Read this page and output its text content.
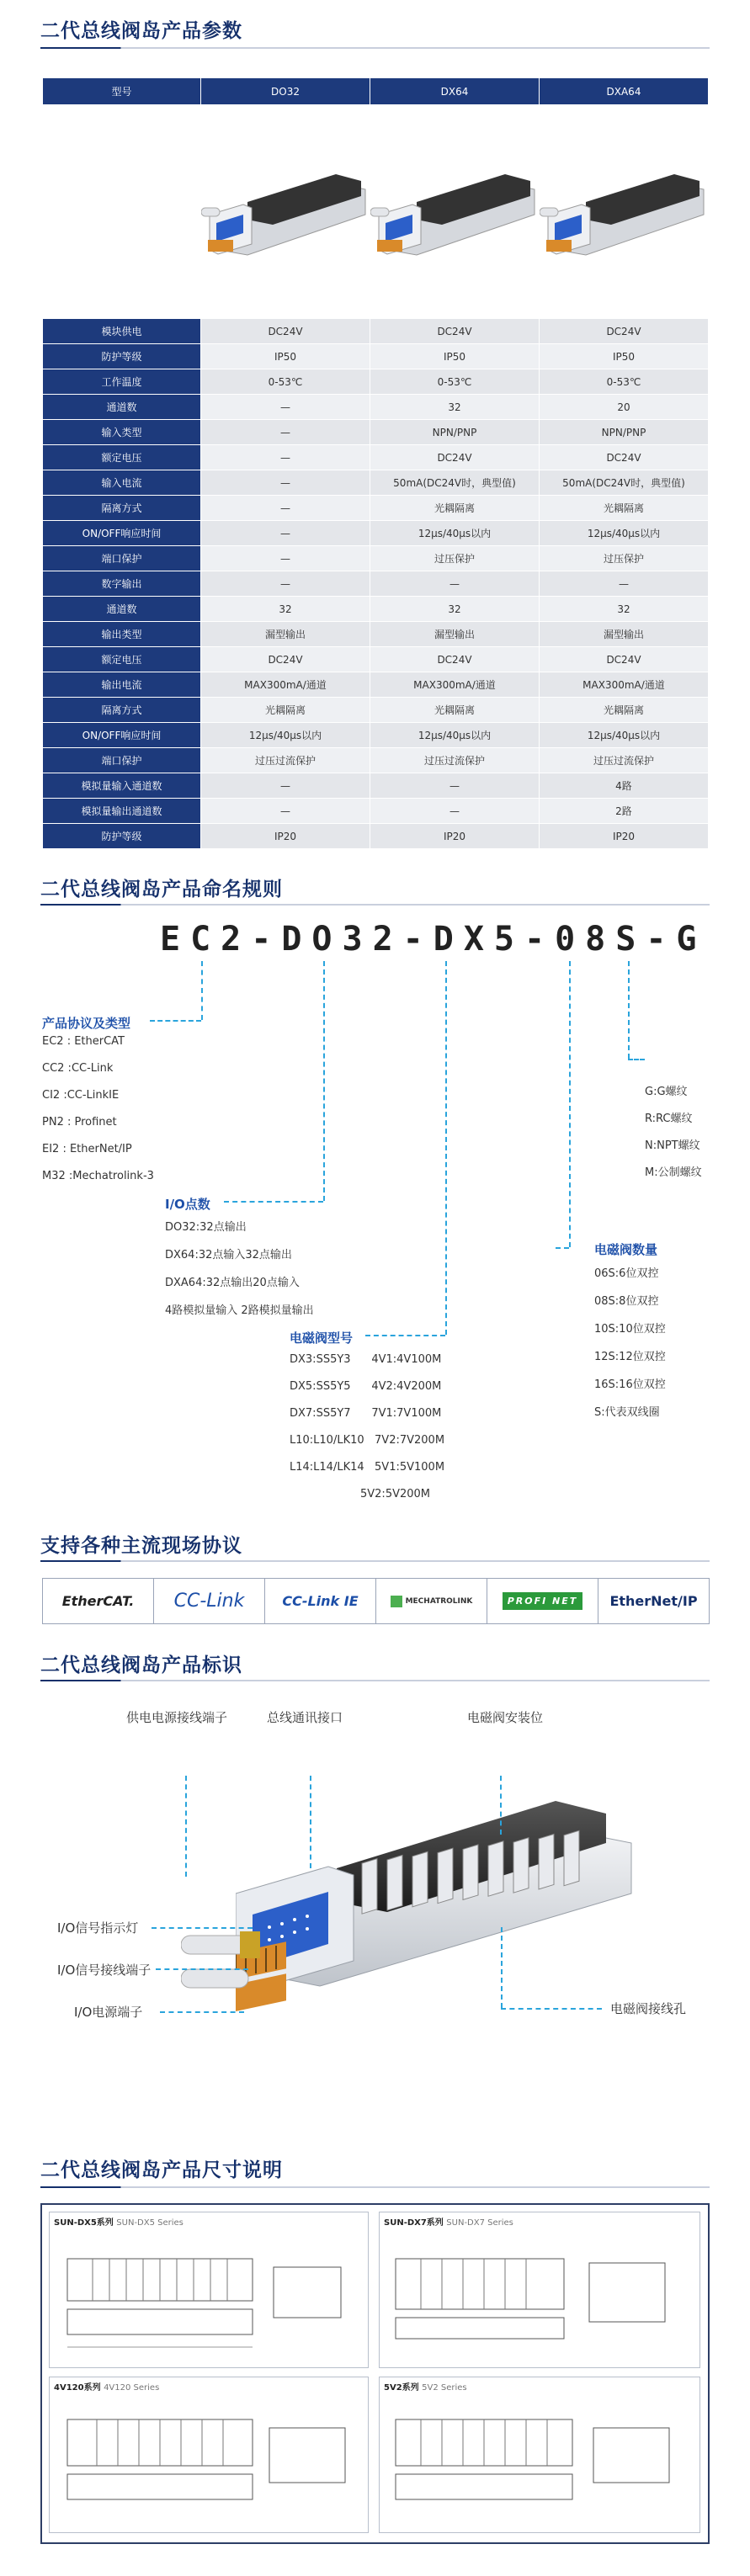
二代总线阀岛产品参数
型号	DO32	DX64	DXA64

模块供电	DC24V	DC24V	DC24V
防护等级	IP50	IP50	IP50
工作温度	0-53℃	0-53℃	0-53℃
通道数	—	32	20
输入类型	—	NPN/PNP	NPN/PNP
额定电压	—	DC24V	DC24V
输入电流	—	50mA(DC24V时，典型值)	50mA(DC24V时，典型值)
隔离方式	—	光耦隔离	光耦隔离
ON/OFF响应时间	—	12μs/40μs以内	12μs/40μs以内
端口保护	—	过压保护	过压保护
数字输出	—	—	—
通道数	32	32	32
输出类型	漏型输出	漏型输出	漏型输出
额定电压	DC24V	DC24V	DC24V
输出电流	MAX300mA/通道	MAX300mA/通道	MAX300mA/通道
隔离方式	光耦隔离	光耦隔离	光耦隔离
ON/OFF响应时间	12μs/40μs以内	12μs/40μs以内	12μs/40μs以内
端口保护	过压过流保护	过压过流保护	过压过流保护
模拟量输入通道数	—	—	4路
模拟量输出通道数	—	—	2路
防护等级	IP20	IP20	IP20
二代总线阀岛产品命名规则
EC2-DO32-DX5-08S-G
产品协议及类型
EC2 : EtherCAT
CC2 :CC-Link
CI2 :CC-LinkIE
PN2 : Profinet
EI2 : EtherNet/IP
M32 :Mechatrolink-3
I/O点数
DO32:32点输出
DX64:32点输入32点输出
DXA64:32点输出20点输入
4路模拟量输入 2路模拟量输出
电磁阀型号
DX3:SS5Y3      4V1:4V100M
DX5:SS5Y5      4V2:4V200M
DX7:SS5Y7      7V1:7V100M
L10:L10/LK10   7V2:7V200M
L14:L14/LK14   5V1:5V100M
5V2:5V200M
电磁阀数量
06S:6位双控
08S:8位双控
10S:10位双控
12S:12位双控
16S:16位双控
S:代表双线圈
G:G螺纹
R:RC螺纹
N:NPT螺纹
M:公制螺纹
支持各种主流现场协议
EtherCAT. CC-Link	CC-Link IE	MECHATROLINK	PROFI NET	EtherNet/IP
二代总线阀岛产品标识
供电电源接线端子	总线通讯接口	电磁阀安装位
I/O信号指示灯
I/O信号接线端子
I/O电源端子	电磁阀接线孔
二代总线阀岛产品尺寸说明
SUN-DX5系列 SUN-DX5 Series	SUN-DX7系列 SUN-DX7 Series
4V120系列 4V120 Series	5V2系列 5V2 Series
